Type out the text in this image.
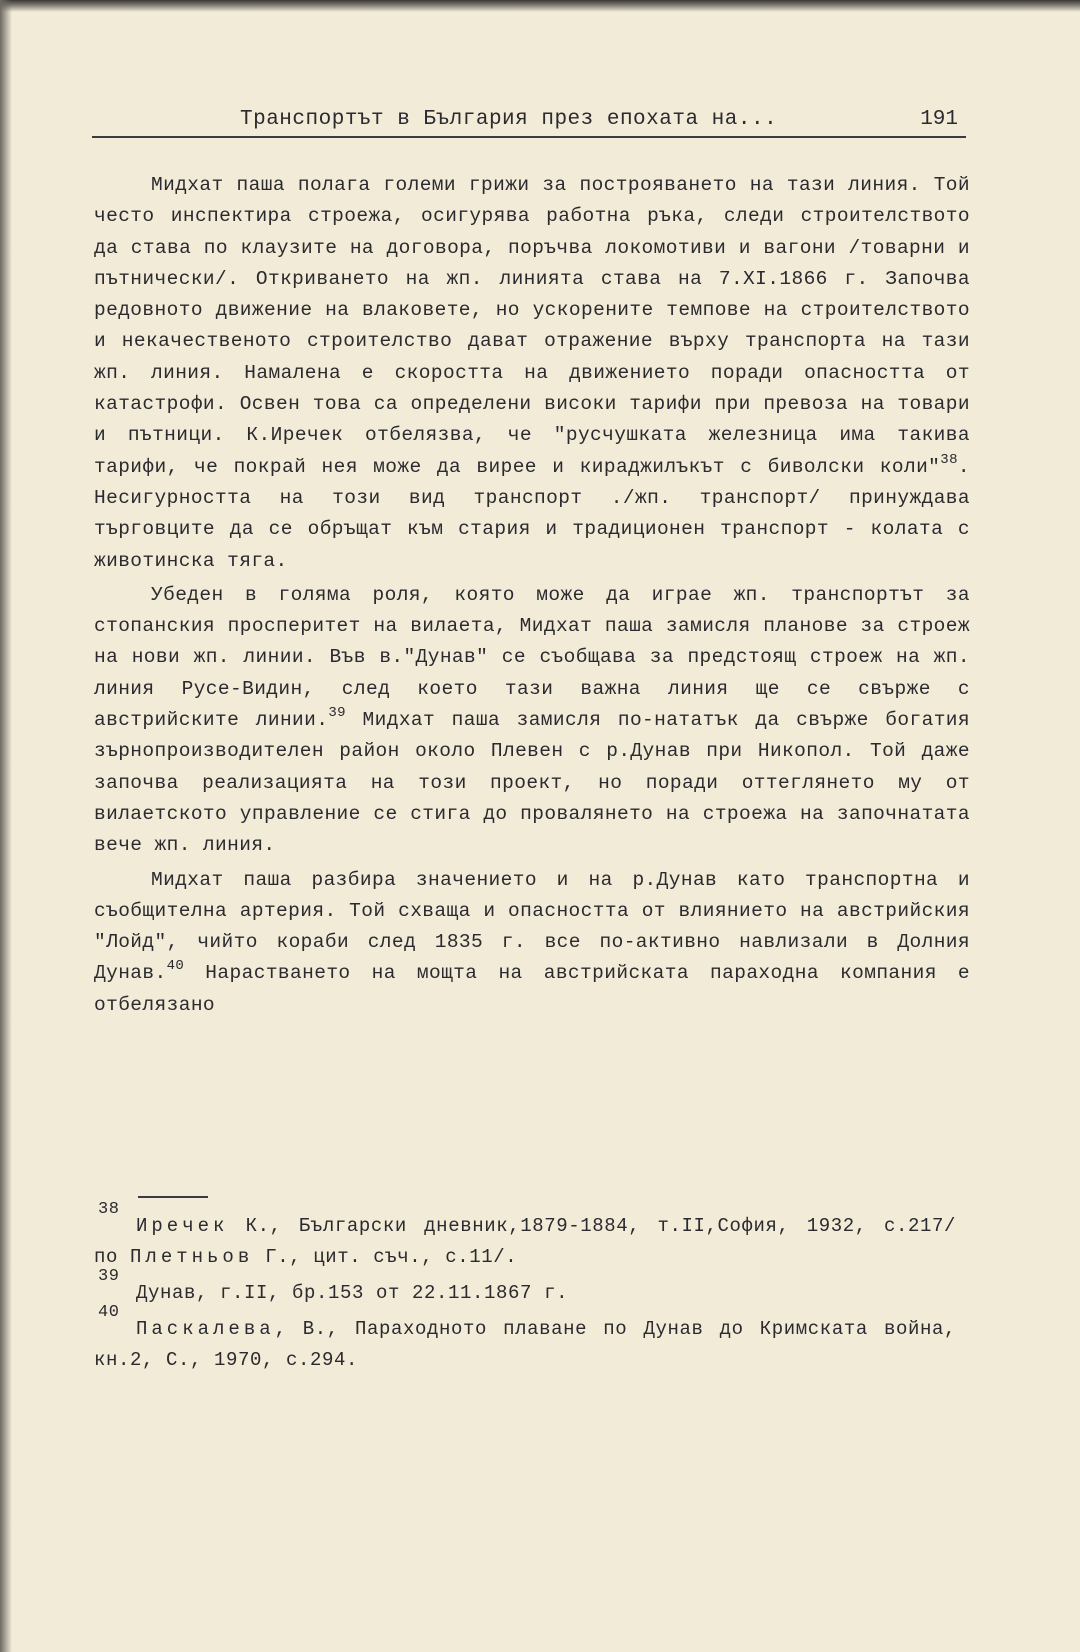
Транспортът в България през епохата на...	191

Мидхат паша полага големи грижи за построяването на тази линия. Той често инспектира строежа, осигурява работна ръка, следи строителството да става по клаузите на договора, поръчва локомотиви и вагони /товарни и пътнически/. Откриването на жп. линията става на 7.XI.1866 г. Започва редовното движение на влаковете, но ускорените темпове на строителството и некачественото строителство дават отражение върху транспорта на тази жп. линия. Намалена е скоростта на движението поради опасността от катастрофи. Освен това са определени високи тарифи при превоза на товари и пътници. К.Иречек отбелязва, че "русчушката железница има такива тарифи, че покрай нея може да вирее и кираджилъкът с биволски коли"$^{38}$. Несигурността на този вид транспорт ./жп. транспорт/ принуждава търговците да се обръщат към стария и традиционен транспорт - колата с животинска тяга.

Убеден в голяма роля, която може да играе жп. транспортът за стопанския просперитет на вилаета, Мидхат паша замисля планове за строеж на нови жп. линии. Във в."Дунав" се съобщава за предстоящ строеж на жп. линия Русе-Видин, след което тази важна линия ще се свърже с австрийските линии.$^{39}$ Мидхат паша замисля по-нататък да свърже богатия зърнопроизводителен район около Плевен с р.Дунав при Никопол. Той даже започва реализацията на този проект, но поради оттеглянето му от вилаетското управление се стига до провалянето на строежа на започнатата вече жп. линия.

Мидхат паша разбира значението и на р.Дунав като транспортна и съобщителна артерия. Той схваща и опасността от влиянието на австрийския "Лойд", чийто кораби след 1835 г. все по-активно навлизали в Долния Дунав.$^{40}$ Нарастването на мощта на австрийската параходна компания е отбелязано

38Иречек К., Български дневник,1879-1884, т.II,София, 1932, с.217/ по Плетньов Г., цит. съч., с.11/.

39Дунав, г.II, бр.153 от 22.11.1867 г.

40Паскалева, В., Параходното плаване по Дунав до Кримската война, кн.2, С., 1970, с.294.
